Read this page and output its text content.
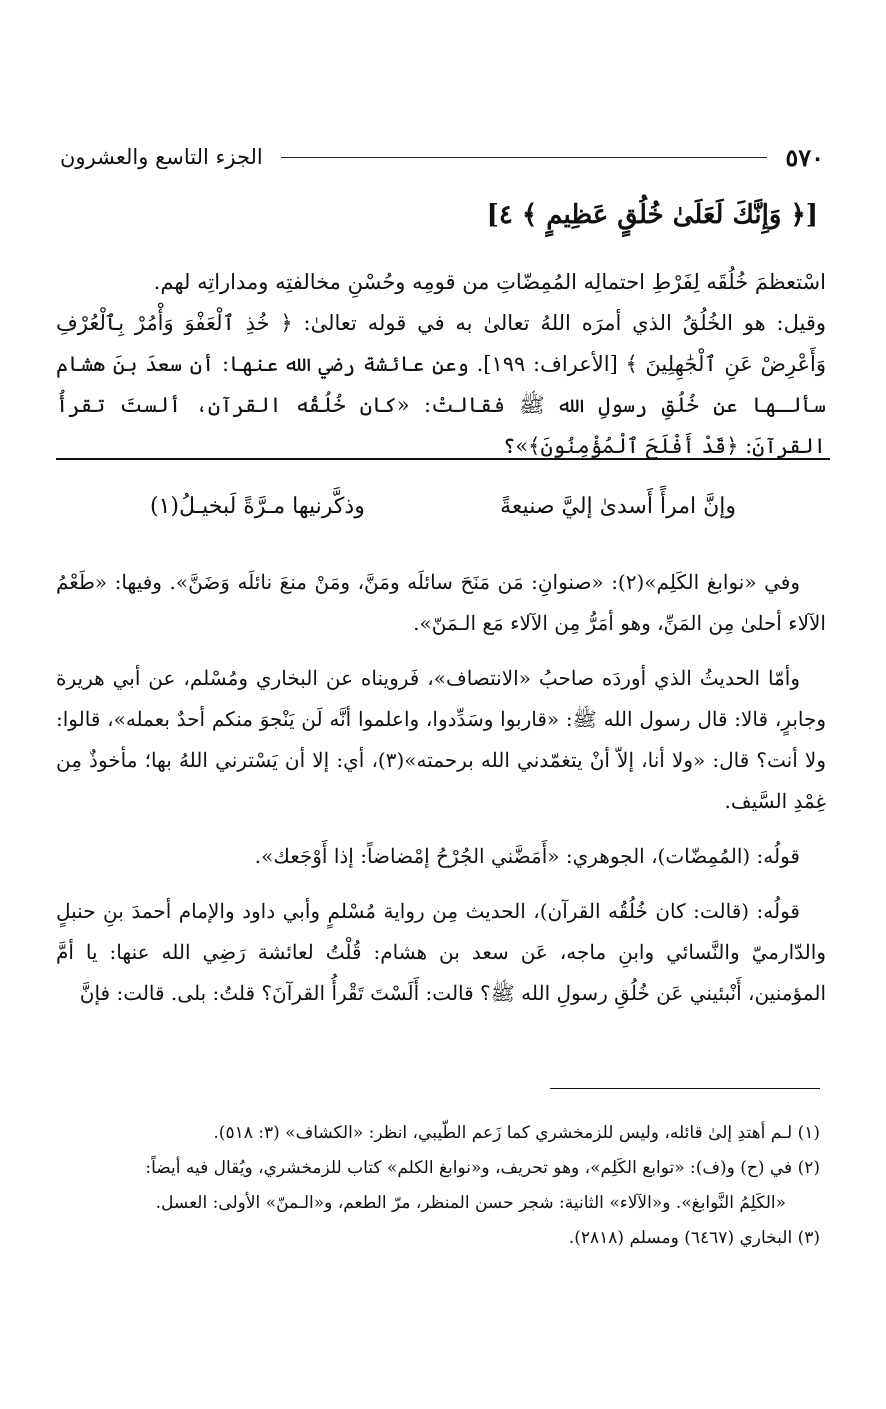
الجزء التاسع والعشرون	٥٧٠
[﴿ وَإِنَّكَ لَعَلَىٰ خُلُقٍ عَظِيمٍ ﴾ ٤]

اسْتعظمَ خُلُقَه لِفَرْطِ احتمالِه المُمِضّاتِ من قومِه وحُسْنِ مخالفتِه ومداراتِه لهم.

وقيل: هو الخُلُقُ الذي أمرَه اللهُ تعالىٰ به في قوله تعالىٰ: ﴿ خُذِ ٱلْعَفْوَ وَأْمُرْ بِٱلْعُرْفِ وَأَعْرِضْ عَنِ ٱلْجَٰهِلِينَ ﴾ [الأعراف: ١٩٩]. وعن عائشة رضي الله عنها: أن سعدَ بنَ هشام سألـها عن خُلُقِ رسولِ الله ﷺ فقالتْ: «كان خُلُقُه القرآن، ألستَ تقرأُ القرآنَ: ﴿قَدْ أَفْلَحَ ٱلْمُؤْمِنُونَ﴾»؟

وإنَّ امرأً أَسدىٰ إليَّ صنيعةً
وذكَّرنيها مـرَّةً لَبخيـلُ(١)

وفي «نوابغ الكَلِم»(٢): «صنوانِ: مَن مَنَحَ سائلَه ومَنَّ، ومَنْ منعَ نائلَه وَضَنَّ». وفيها: «طَعْمُ الآلاء أحلىٰ مِن المَنِّ، وهو أمَرُّ مِن الآلاء مَع الـمَنّ».

وأمّا الحديثُ الذي أوردَه صاحبُ «الانتصاف»، فَرويناه عن البخاري ومُسْلم، عن أبي هريرة وجابرٍ، قالا: قال رسول الله ﷺ: «قاربوا وسَدِّدوا، واعلموا أنَّه لَن يَنْجوَ منكم أحدٌ بعمله»، قالوا: ولا أنت؟ قال: «ولا أنا، إلاّ أنْ يتغمّدني الله برحمته»(٣)، أي: إلا أن يَسْترني اللهُ بها؛ مأخوذٌ مِن غِمْدِ السَّيف.

قولُه: (المُمِضّات)، الجوهري: «أَمَضَّني الجُرْحُ إمْضاضاً: إذا أَوْجَعك».

قولُه: (قالت: كان خُلُقُه القرآن)، الحديث مِن رواية مُسْلمٍ وأبي داود والإمام أحمدَ بنِ حنبلٍ والدّارميّ والنَّسائي وابنِ ماجه، عَن سعد بن هشام: قُلْتُ لعائشة رَضِي الله عنها: يا أمَّ المؤمنين، أَنْبئيني عَن خُلُقِ رسولِ الله ﷺ؟ قالت: أَلَسْتَ تَقْرأُ القرآنَ؟ قلتُ: بلى. قالت: فإنَّ

(١) لـم أهتدِ إلىٰ قائله، وليس للزمخشري كما زَعم الطّيبي، انظر: «الكشاف» (٣: ٥١٨).

(٢) في (ح) و(ف): «توابع الكَلِم»، وهو تحريف، و«نوابغ الكلم» كتاب للزمخشري، ويُقال فيه أيضاً:

«الكَلِمُ النَّوابغ». و«الآلاء» الثانية: شجر حسن المنظر، مرّ الطعم، و«الـمنّ» الأولى: العسل.

(٣) البخاري (٦٤٦٧) ومسلم (٢٨١٨).
